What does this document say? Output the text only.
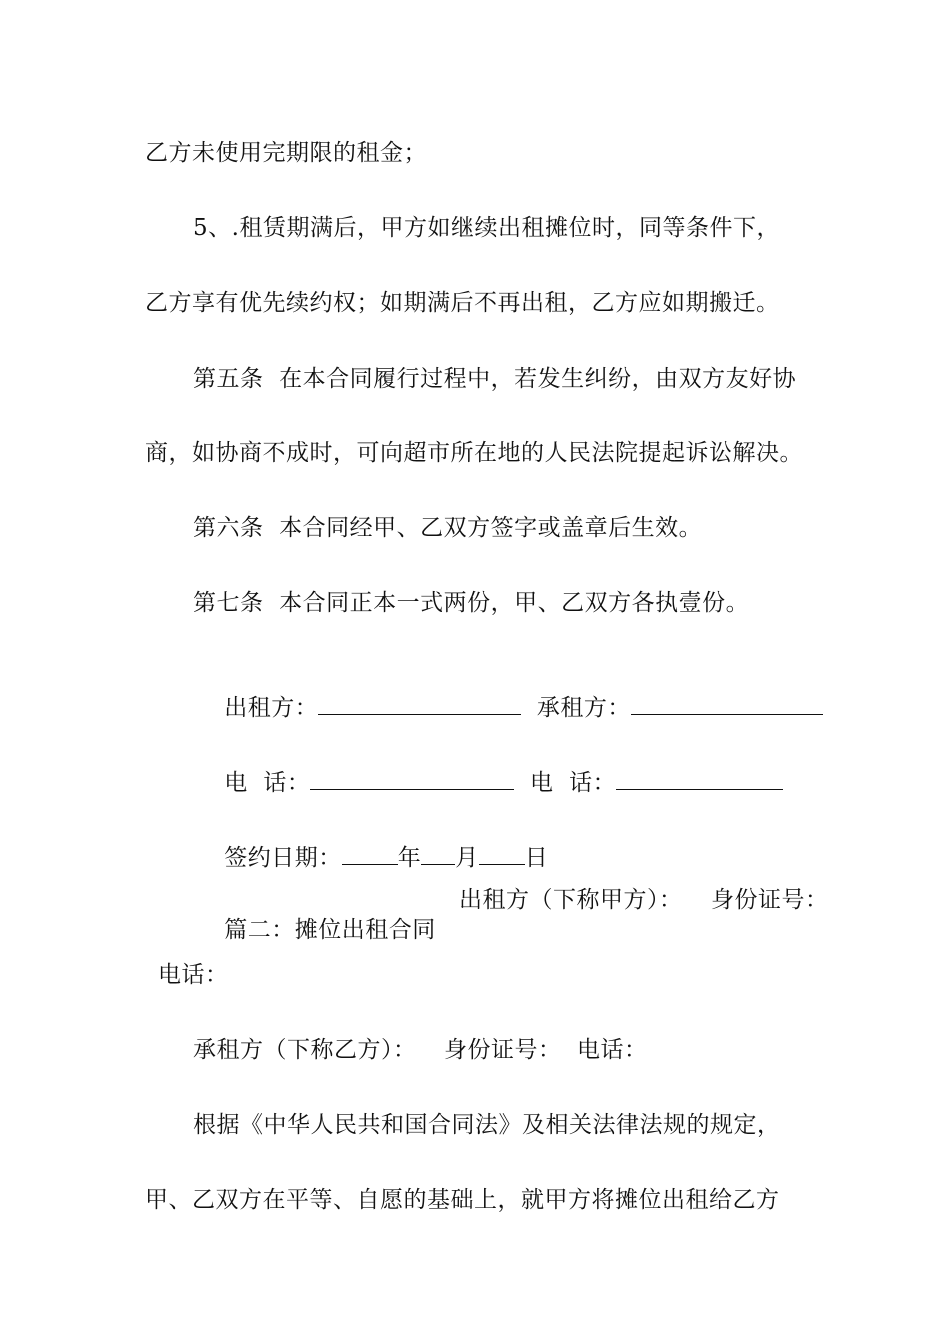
乙方未使用完期限的租金；
5、.租赁期满后，甲方如继续出租摊位时，同等条件下，
乙方享有优先续约权；如期满后不再出租，乙方应如期搬迁。
第五条  在本合同履行过程中，若发生纠纷，由双方友好协
商，如协商不成时，可向超市所在地的人民法院提起诉讼解决。
第六条  本合同经甲、乙双方签字或盖章后生效。
第七条  本合同正本一式两份，甲、乙双方各执壹份。

出租方：	承租方：

电  话：	电  话：

签约日期： 年 月 日

篇二：摊位出租合同

出租方（下称甲方）： 身份证号：
电话：
承租方（下称乙方）： 身份证号： 电话：
根据《中华人民共和国合同法》及相关法律法规的规定，
甲、乙双方在平等、自愿的基础上，就甲方将摊位出租给乙方
